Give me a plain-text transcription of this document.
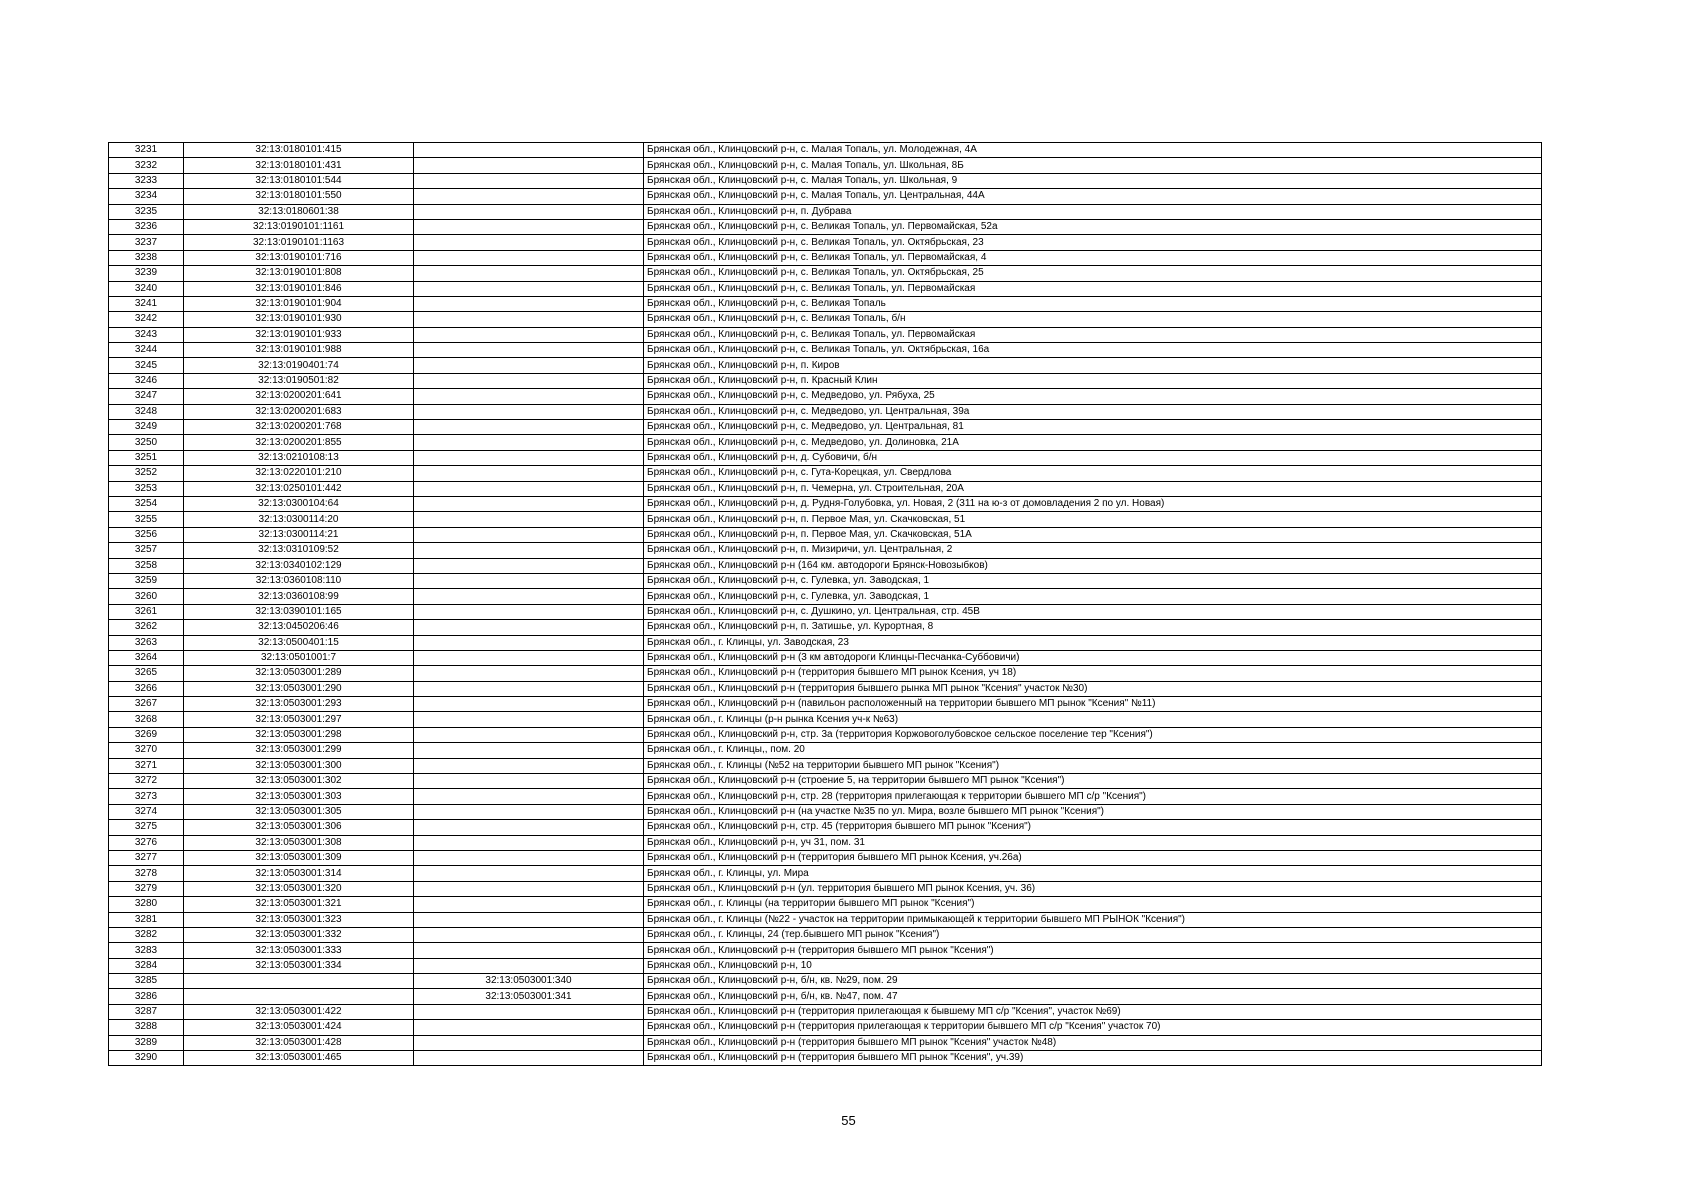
3231	32:13:0180101:415		Брянская обл., Клинцовский р-н, с. Малая Топаль, ул. Молодежная, 4А
3232	32:13:0180101:431		Брянская обл., Клинцовский р-н, с. Малая Топаль, ул. Школьная, 8Б
3233	32:13:0180101:544		Брянская обл., Клинцовский р-н, с. Малая Топаль, ул. Школьная, 9
3234	32:13:0180101:550		Брянская обл., Клинцовский р-н, с. Малая Топаль, ул. Центральная, 44А
3235	32:13:0180601:38		Брянская обл., Клинцовский р-н, п. Дубрава
3236	32:13:0190101:1161		Брянская обл., Клинцовский р-н, с. Великая Топаль, ул. Первомайская, 52а
3237	32:13:0190101:1163		Брянская обл., Клинцовский р-н, с. Великая Топаль, ул. Октябрьская, 23
3238	32:13:0190101:716		Брянская обл., Клинцовский р-н, с. Великая Топаль, ул. Первомайская, 4
3239	32:13:0190101:808		Брянская обл., Клинцовский р-н, с. Великая Топаль, ул. Октябрьская, 25
3240	32:13:0190101:846		Брянская обл., Клинцовский р-н, с. Великая Топаль, ул. Первомайская
3241	32:13:0190101:904		Брянская обл., Клинцовский р-н, с. Великая Топаль
3242	32:13:0190101:930		Брянская обл., Клинцовский р-н, с. Великая Топаль, б/н
3243	32:13:0190101:933		Брянская обл., Клинцовский р-н, с. Великая Топаль, ул. Первомайская
3244	32:13:0190101:988		Брянская обл., Клинцовский р-н, с. Великая Топаль, ул. Октябрьская, 16а
3245	32:13:0190401:74		Брянская обл., Клинцовский р-н, п. Киров
3246	32:13:0190501:82		Брянская обл., Клинцовский р-н, п. Красный Клин
3247	32:13:0200201:641		Брянская обл., Клинцовский р-н, с. Медведово, ул. Рябуха, 25
3248	32:13:0200201:683		Брянская обл., Клинцовский р-н, с. Медведово, ул. Центральная, 39а
3249	32:13:0200201:768		Брянская обл., Клинцовский р-н, с. Медведово, ул. Центральная, 81
3250	32:13:0200201:855		Брянская обл., Клинцовский р-н, с. Медведово, ул. Долиновка, 21А
3251	32:13:0210108:13		Брянская обл., Клинцовский р-н, д. Субовичи, б/н
3252	32:13:0220101:210		Брянская обл., Клинцовский р-н, с. Гута-Корецкая, ул. Свердлова
3253	32:13:0250101:442		Брянская обл., Клинцовский р-н, п. Чемерна, ул. Строительная, 20А
3254	32:13:0300104:64		Брянская обл., Клинцовский р-н, д. Рудня-Голубовка, ул. Новая, 2 (311 на ю-з от домовладения 2 по ул. Новая)
3255	32:13:0300114:20		Брянская обл., Клинцовский р-н, п. Первое Мая, ул. Скачковская, 51
3256	32:13:0300114:21		Брянская обл., Клинцовский р-н, п. Первое Мая, ул. Скачковская, 51А
3257	32:13:0310109:52		Брянская обл., Клинцовский р-н, п. Мизиричи, ул. Центральная, 2
3258	32:13:0340102:129		Брянская обл., Клинцовский р-н (164 км. автодороги Брянск-Новозыбков)
3259	32:13:0360108:110		Брянская обл., Клинцовский р-н, с. Гулевка, ул. Заводская, 1
3260	32:13:0360108:99		Брянская обл., Клинцовский р-н, с. Гулевка, ул. Заводская, 1
3261	32:13:0390101:165		Брянская обл., Клинцовский р-н, с. Душкино, ул. Центральная, стр. 45В
3262	32:13:0450206:46		Брянская обл., Клинцовский р-н, п. Затишье, ул. Курортная, 8
3263	32:13:0500401:15		Брянская обл., г. Клинцы, ул. Заводская, 23
3264	32:13:0501001:7		Брянская обл., Клинцовский р-н (3 км автодороги Клинцы-Песчанка-Суббовичи)
3265	32:13:0503001:289		Брянская обл., Клинцовский р-н (территория бывшего МП рынок Ксения, уч 18)
3266	32:13:0503001:290		Брянская обл., Клинцовский р-н (территория бывшего рынка МП рынок "Ксения" участок №30)
3267	32:13:0503001:293		Брянская обл., Клинцовский р-н (павильон расположенный на территории бывшего МП рынок "Ксения" №11)
3268	32:13:0503001:297		Брянская обл., г. Клинцы (р-н рынка Ксения уч-к №63)
3269	32:13:0503001:298		Брянская обл., Клинцовский р-н, стр. 3а (территория Коржовоголубовское сельское поселение тер "Ксения")
3270	32:13:0503001:299		Брянская обл., г. Клинцы,, пом. 20
3271	32:13:0503001:300		Брянская обл., г. Клинцы (№52 на территории бывшего МП рынок "Ксения")
3272	32:13:0503001:302		Брянская обл., Клинцовский р-н (строение 5, на территории бывшего МП рынок "Ксения")
3273	32:13:0503001:303		Брянская обл., Клинцовский р-н, стр. 28 (территория прилегающая к территории бывшего МП с/р "Ксения")
3274	32:13:0503001:305		Брянская обл., Клинцовский р-н (на участке №35 по ул. Мира, возле бывшего МП рынок "Ксения")
3275	32:13:0503001:306		Брянская обл., Клинцовский р-н, стр. 45 (территория бывшего МП рынок "Ксения")
3276	32:13:0503001:308		Брянская обл., Клинцовский р-н, уч 31, пом. 31
3277	32:13:0503001:309		Брянская обл., Клинцовский р-н (территория бывшего МП рынок Ксения, уч.26а)
3278	32:13:0503001:314		Брянская обл., г. Клинцы, ул. Мира
3279	32:13:0503001:320		Брянская обл., Клинцовский р-н (ул. территория бывшего МП рынок Ксения, уч. 36)
3280	32:13:0503001:321		Брянская обл., г. Клинцы (на территории бывшего МП рынок "Ксения")
3281	32:13:0503001:323		Брянская обл., г. Клинцы (№22 - участок на территории примыкающей к территории бывшего МП РЫНОК "Ксения")
3282	32:13:0503001:332		Брянская обл., г. Клинцы, 24 (тер.бывшего МП рынок "Ксения")
3283	32:13:0503001:333		Брянская обл., Клинцовский р-н (территория бывшего МП рынок "Ксения")
3284	32:13:0503001:334		Брянская обл., Клинцовский р-н, 10
3285		32:13:0503001:340	Брянская обл., Клинцовский р-н, б/н, кв. №29, пом. 29
3286		32:13:0503001:341	Брянская обл., Клинцовский р-н, б/н, кв. №47, пом. 47
3287	32:13:0503001:422		Брянская обл., Клинцовский р-н (территория прилегающая к бывшему МП с/р "Ксения", участок №69)
3288	32:13:0503001:424		Брянская обл., Клинцовский р-н (территория прилегающая к территории бывшего МП с/р "Ксения" участок 70)
3289	32:13:0503001:428		Брянская обл., Клинцовский р-н (территория бывшего МП рынок "Ксения" участок №48)
3290	32:13:0503001:465		Брянская обл., Клинцовский р-н (территория бывшего МП рынок "Ксения", уч.39)
55
